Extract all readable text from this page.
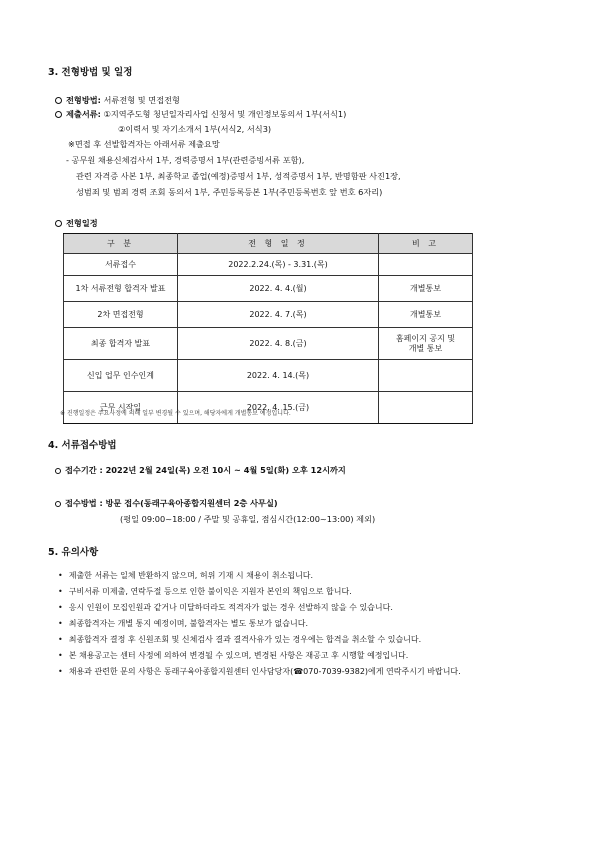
3. 전형방법 및 일정
전형방법: 서류전형 및 면접전형
제출서류: ①지역주도형 청년일자리사업 신청서 및 개인정보동의서 1부(서식1)
②이력서 및 자기소개서 1부(서식2, 서식3)
※면접 후 선발합격자는 아래서류 제출요망
- 공무원 채용신체검사서 1부, 경력증명서 1부(관련증빙서류 포함),
관련 자격증 사본 1부, 최종학교 졸업(예정)증명서 1부, 성적증명서 1부, 반명함판 사진1장,
성범죄 및 범죄 경력 조회 동의서 1부, 주민등록등본 1부(주민등록번호 앞 번호 6자리)
전형일정
구 분	전 형 일 정	비 고
서류접수	2022.2.24.(목) - 3.31.(목)	
1차 서류전형 합격자 발표	2022. 4. 4.(월)	개별통보
2차 면접전형	2022. 4. 7.(목)	개별통보
최종 합격자 발표	2022. 4. 8.(금)	홈페이지 공지 및 개별 통보
신입 업무 인수인계	2022. 4. 14.(목)	
근무 시작일	2022. 4. 15.(금)	
※ 진행일정은 주요사정에 의해 일부 변경될 수 있으며, 해당자에게 개별통보 예정입니다.
4. 서류접수방법
접수기간 : 2022년 2월 24일(목) 오전 10시 ~ 4월 5일(화) 오후 12시까지
접수방법 : 방문 접수(동래구육아종합지원센터 2층 사무실)
(평일 09:00~18:00 / 주말 및 공휴일, 점심시간(12:00~13:00) 제외)
5. 유의사항
• 제출한 서류는 일체 반환하지 않으며, 허위 기재 시 채용이 취소됩니다.
• 구비서류 미제출, 연락두절 등으로 인한 불이익은 지원자 본인의 책임으로 합니다.
• 응시 인원이 모집인원과 같거나 미달하더라도 적격자가 없는 경우 선발하지 않을 수 있습니다.
• 최종합격자는 개별 통지 예정이며, 불합격자는 별도 통보가 없습니다.
• 최종합격자 결정 후 신원조회 및 신체검사 결과 결격사유가 있는 경우에는 합격을 취소할 수 있습니다.
• 본 채용공고는 센터 사정에 의하여 변경될 수 있으며, 변경된 사항은 재공고 후 시행할 예정입니다.
• 채용과 관련한 문의 사항은 동래구육아종합지원센터 인사담당자(☎070-7039-9382)에게 연락주시기 바랍니다.
